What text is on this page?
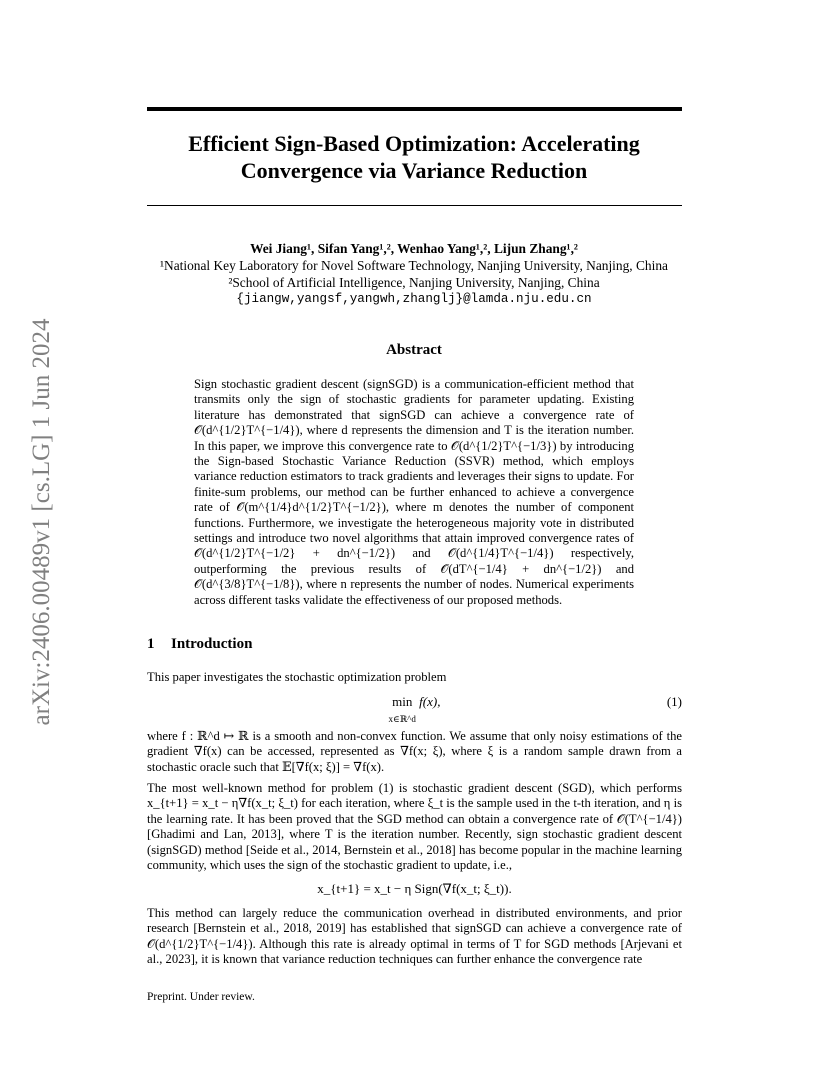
arXiv:2406.00489v1 [cs.LG] 1 Jun 2024
Efficient Sign-Based Optimization: Accelerating Convergence via Variance Reduction
Wei Jiang¹, Sifan Yang¹,², Wenhao Yang¹,², Lijun Zhang¹,²
¹National Key Laboratory for Novel Software Technology, Nanjing University, Nanjing, China
²School of Artificial Intelligence, Nanjing University, Nanjing, China
{jiangw,yangsf,yangwh,zhanglj}@lamda.nju.edu.cn
Abstract
Sign stochastic gradient descent (signSGD) is a communication-efficient method that transmits only the sign of stochastic gradients for parameter updating. Existing literature has demonstrated that signSGD can achieve a convergence rate of 𝒪(d^{1/2}T^{−1/4}), where d represents the dimension and T is the iteration number. In this paper, we improve this convergence rate to 𝒪(d^{1/2}T^{−1/3}) by introducing the Sign-based Stochastic Variance Reduction (SSVR) method, which employs variance reduction estimators to track gradients and leverages their signs to update. For finite-sum problems, our method can be further enhanced to achieve a convergence rate of 𝒪(m^{1/4}d^{1/2}T^{−1/2}), where m denotes the number of component functions. Furthermore, we investigate the heterogeneous majority vote in distributed settings and introduce two novel algorithms that attain improved convergence rates of 𝒪(d^{1/2}T^{−1/2} + dn^{−1/2}) and 𝒪(d^{1/4}T^{−1/4}) respectively, outperforming the previous results of 𝒪(dT^{−1/4} + dn^{−1/2}) and 𝒪(d^{3/8}T^{−1/8}), where n represents the number of nodes. Numerical experiments across different tasks validate the effectiveness of our proposed methods.
1 Introduction
This paper investigates the stochastic optimization problem
min
x∈ℝ^d f(x),	(1)
where f : ℝ^d ↦ ℝ is a smooth and non-convex function. We assume that only noisy estimations of the gradient ∇f(x) can be accessed, represented as ∇f(x; ξ), where ξ is a random sample drawn from a stochastic oracle such that 𝔼[∇f(x; ξ)] = ∇f(x).
The most well-known method for problem (1) is stochastic gradient descent (SGD), which performs x_{t+1} = x_t − η∇f(x_t; ξ_t) for each iteration, where ξ_t is the sample used in the t-th iteration, and η is the learning rate. It has been proved that the SGD method can obtain a convergence rate of 𝒪(T^{−1/4}) [Ghadimi and Lan, 2013], where T is the iteration number. Recently, sign stochastic gradient descent (signSGD) method [Seide et al., 2014, Bernstein et al., 2018] has become popular in the machine learning community, which uses the sign of the stochastic gradient to update, i.e.,
x_{t+1} = x_t − η Sign(∇f(x_t; ξ_t)).
This method can largely reduce the communication overhead in distributed environments, and prior research [Bernstein et al., 2018, 2019] has established that signSGD can achieve a convergence rate of 𝒪(d^{1/2}T^{−1/4}). Although this rate is already optimal in terms of T for SGD methods [Arjevani et al., 2023], it is known that variance reduction techniques can further enhance the convergence rate
Preprint. Under review.
